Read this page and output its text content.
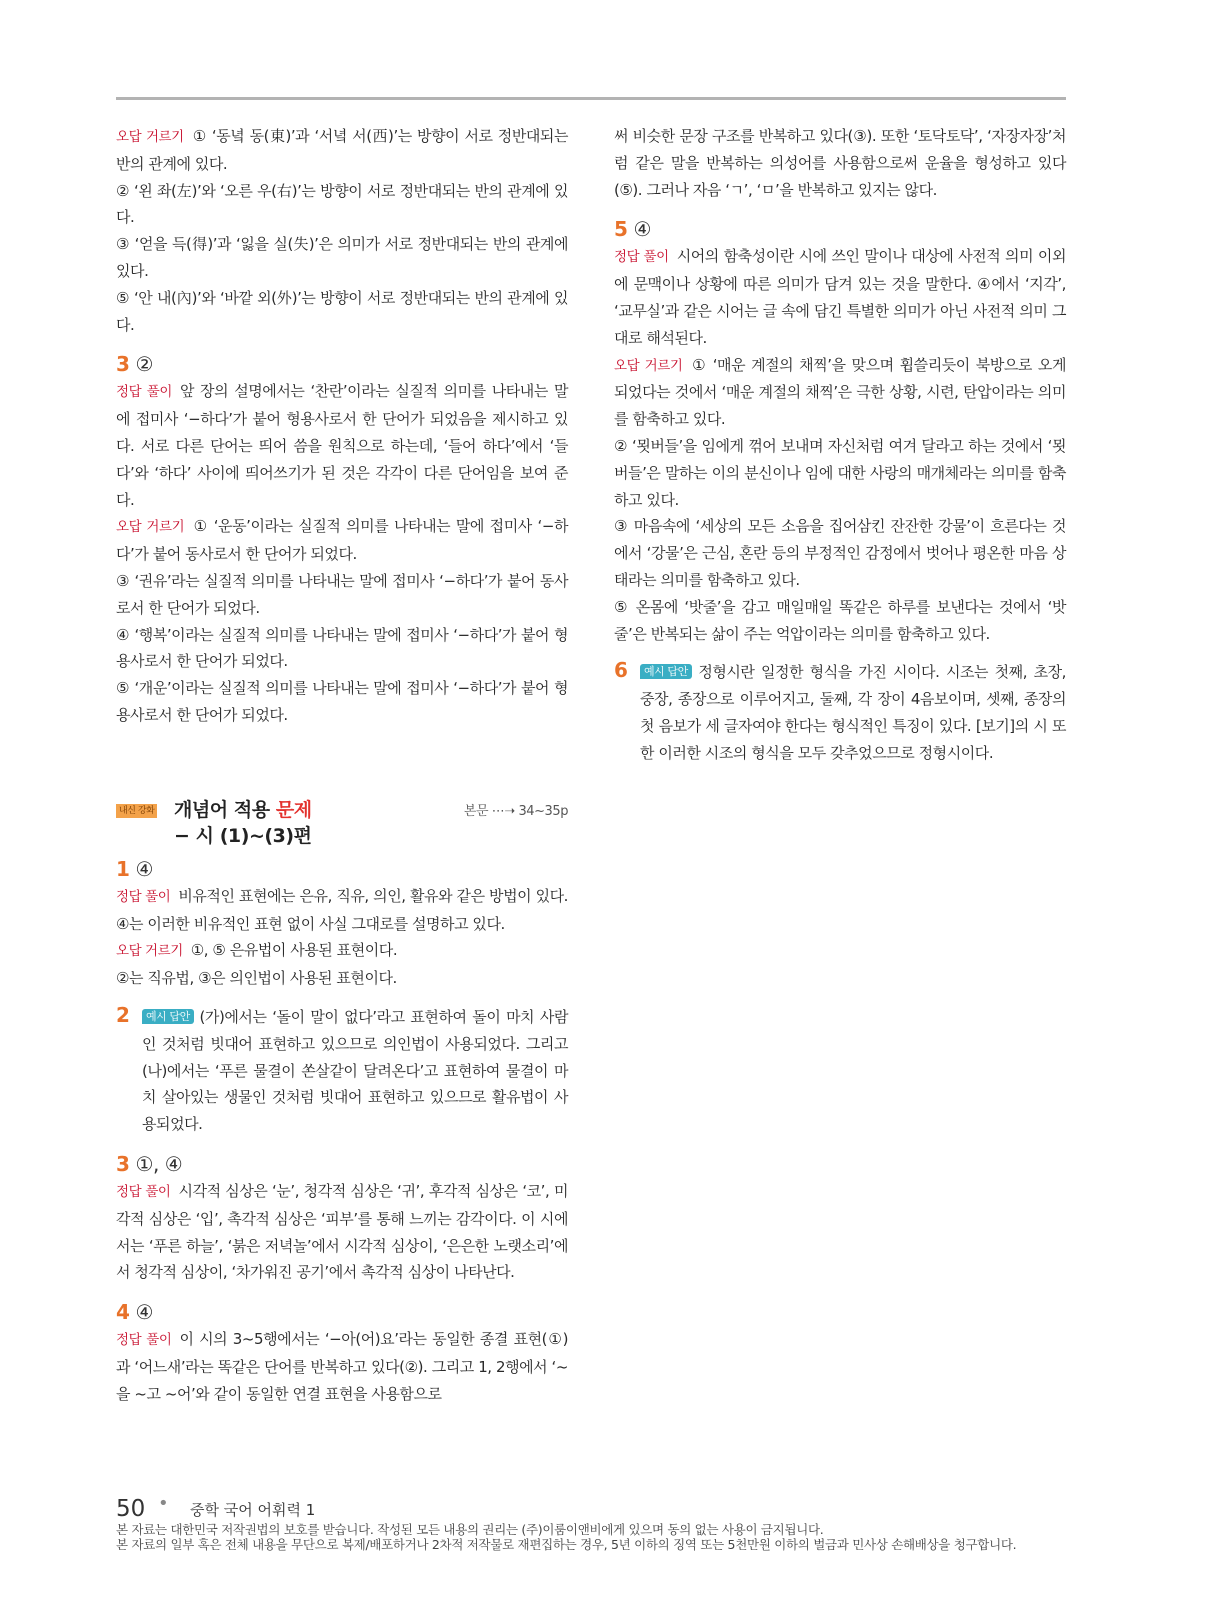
오답 거르기 ① ‘동녘 동(東)’과 ‘서녘 서(西)’는 방향이 서로 정반대되는 반의 관계에 있다.

② ‘왼 좌(左)’와 ‘오른 우(右)’는 방향이 서로 정반대되는 반의 관계에 있다.

③ ‘얻을 득(得)’과 ‘잃을 실(失)’은 의미가 서로 정반대되는 반의 관계에 있다.

⑤ ‘안 내(內)’와 ‘바깥 외(外)’는 방향이 서로 정반대되는 반의 관계에 있다.

3 ②

정답 풀이 앞 장의 설명에서는 ‘찬란’이라는 실질적 의미를 나타내는 말에 접미사 ‘−하다’가 붙어 형용사로서 한 단어가 되었음을 제시하고 있다. 서로 다른 단어는 띄어 씀을 원칙으로 하는데, ‘들어 하다’에서 ‘들다’와 ‘하다’ 사이에 띄어쓰기가 된 것은 각각이 다른 단어임을 보여 준다.

오답 거르기 ① ‘운동’이라는 실질적 의미를 나타내는 말에 접미사 ‘−하다’가 붙어 동사로서 한 단어가 되었다.

③ ‘권유’라는 실질적 의미를 나타내는 말에 접미사 ‘−하다’가 붙어 동사로서 한 단어가 되었다.

④ ‘행복’이라는 실질적 의미를 나타내는 말에 접미사 ‘−하다’가 붙어 형용사로서 한 단어가 되었다.

⑤ ‘개운’이라는 실질적 의미를 나타내는 말에 접미사 ‘−하다’가 붙어 형용사로서 한 단어가 되었다.

내신 강화 개념어 적용 문제
− 시 (1)~(3)편
본문 ⋯➝ 34~35p

1 ④

정답 풀이 비유적인 표현에는 은유, 직유, 의인, 활유와 같은 방법이 있다. ④는 이러한 비유적인 표현 없이 사실 그대로를 설명하고 있다.

오답 거르기 ①, ⑤ 은유법이 사용된 표현이다.

②는 직유법, ③은 의인법이 사용된 표현이다.

2	예시 답안 (가)에서는 ‘돌이 말이 없다’라고 표현하여 돌이 마치 사람인 것처럼 빗대어 표현하고 있으므로 의인법이 사용되었다. 그리고 (나)에서는 ‘푸른 물결이 쏜살같이 달려온다’고 표현하여 물결이 마치 살아있는 생물인 것처럼 빗대어 표현하고 있으므로 활유법이 사용되었다.

3 ①, ④

정답 풀이 시각적 심상은 ‘눈’, 청각적 심상은 ‘귀’, 후각적 심상은 ‘코’, 미각적 심상은 ‘입’, 촉각적 심상은 ‘피부’를 통해 느끼는 감각이다. 이 시에서는 ‘푸른 하늘’, ‘붉은 저녁놀’에서 시각적 심상이, ‘은은한 노랫소리’에서 청각적 심상이, ‘차가워진 공기’에서 촉각적 심상이 나타난다.

4 ④

정답 풀이 이 시의 3~5행에서는 ‘−아(어)요’라는 동일한 종결 표현(①)과 ‘어느새’라는 똑같은 단어를 반복하고 있다(②). 그리고 1, 2행에서 ‘~을 ~고 ~어’와 같이 동일한 연결 표현을 사용함으로

써 비슷한 문장 구조를 반복하고 있다(③). 또한 ‘토닥토닥’, ‘자장자장’처럼 같은 말을 반복하는 의성어를 사용함으로써 운율을 형성하고 있다(⑤). 그러나 자음 ‘ㄱ’, ‘ㅁ’을 반복하고 있지는 않다.

5 ④

정답 풀이 시어의 함축성이란 시에 쓰인 말이나 대상에 사전적 의미 이외에 문맥이나 상황에 따른 의미가 담겨 있는 것을 말한다. ④에서 ‘지각’, ‘교무실’과 같은 시어는 글 속에 담긴 특별한 의미가 아닌 사전적 의미 그대로 해석된다.

오답 거르기 ① ‘매운 계절의 채찍’을 맞으며 휩쓸리듯이 북방으로 오게 되었다는 것에서 ‘매운 계절의 채찍’은 극한 상황, 시련, 탄압이라는 의미를 함축하고 있다.

② ‘묏버들’을 임에게 꺾어 보내며 자신처럼 여겨 달라고 하는 것에서 ‘묏버들’은 말하는 이의 분신이나 임에 대한 사랑의 매개체라는 의미를 함축하고 있다.

③ 마음속에 ‘세상의 모든 소음을 집어삼킨 잔잔한 강물’이 흐른다는 것에서 ‘강물’은 근심, 혼란 등의 부정적인 감정에서 벗어나 평온한 마음 상태라는 의미를 함축하고 있다.

⑤ 온몸에 ‘밧줄’을 감고 매일매일 똑같은 하루를 보낸다는 것에서 ‘밧줄’은 반복되는 삶이 주는 억압이라는 의미를 함축하고 있다.

6	예시 답안 정형시란 일정한 형식을 가진 시이다. 시조는 첫째, 초장, 중장, 종장으로 이루어지고, 둘째, 각 장이 4음보이며, 셋째, 종장의 첫 음보가 세 글자여야 한다는 형식적인 특징이 있다. [보기]의 시 또한 이러한 시조의 형식을 모두 갖추었으므로 정형시이다.

50 • 중학 국어 어휘력 1
본 자료는 대한민국 저작권법의 보호를 받습니다. 작성된 모든 내용의 권리는 (주)이룸이앤비에게 있으며 동의 없는 사용이 금지됩니다.
본 자료의 일부 혹은 전체 내용을 무단으로 복제/배포하거나 2차적 저작물로 재편집하는 경우, 5년 이하의 징역 또는 5천만원 이하의 벌금과 민사상 손해배상을 청구합니다.
